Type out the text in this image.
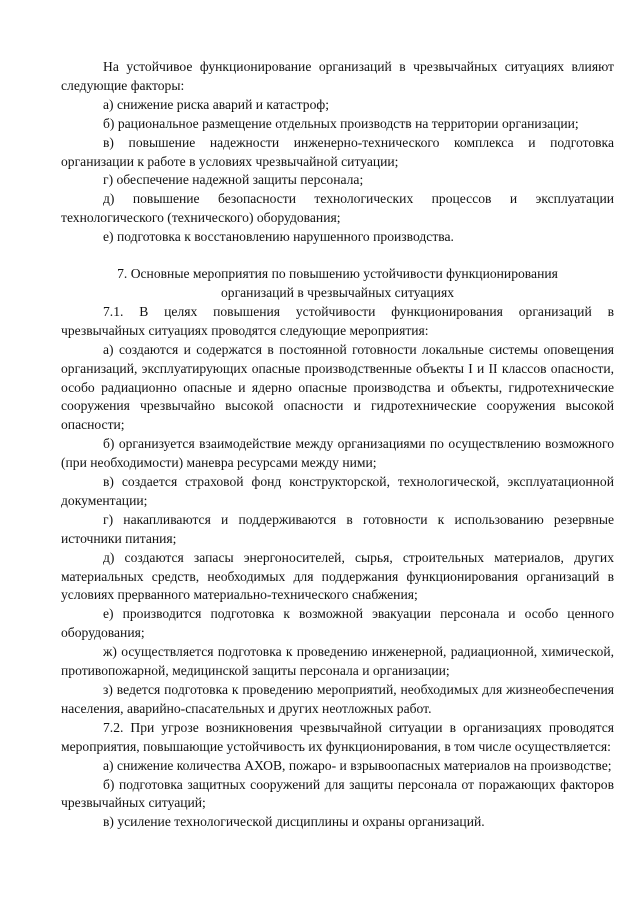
На устойчивое функционирование организаций в чрезвычайных ситуациях влияют следующие факторы:

а) снижение риска аварий и катастроф;

б) рациональное размещение отдельных производств на территории организации;

в) повышение надежности инженерно-технического комплекса и подготовка организации к работе в условиях чрезвычайной ситуации;

г) обеспечение надежной защиты персонала;

д) повышение безопасности технологических процессов и эксплуатации технологического (технического) оборудования;

е) подготовка к восстановлению нарушенного производства.

7. Основные мероприятия по повышению устойчивости функционирования
организаций в чрезвычайных ситуациях

7.1. В целях повышения устойчивости функционирования организаций в чрезвычайных ситуациях проводятся следующие мероприятия:

а) создаются и содержатся в постоянной готовности локальные системы оповещения организаций, эксплуатирующих опасные производственные объекты I и II классов опасности, особо радиационно опасные и ядерно опасные производства и объекты, гидротехнические сооружения чрезвычайно высокой опасности и гидротехнические сооружения высокой опасности;

б) организуется взаимодействие между организациями по осуществлению возможного (при необходимости) маневра ресурсами между ними;

в) создается страховой фонд конструкторской, технологической, эксплуатационной документации;

г) накапливаются и поддерживаются в готовности к использованию резервные источники питания;

д) создаются запасы энергоносителей, сырья, строительных материалов, других материальных средств, необходимых для поддержания функционирования организаций в условиях прерванного материально-технического снабжения;

е) производится подготовка к возможной эвакуации персонала и особо ценного оборудования;

ж) осуществляется подготовка к проведению инженерной, радиационной, химической, противопожарной, медицинской защиты персонала и организации;

з) ведется подготовка к проведению мероприятий, необходимых для жизнеобеспечения населения, аварийно-спасательных и других неотложных работ.

7.2. При угрозе возникновения чрезвычайной ситуации в организациях проводятся мероприятия, повышающие устойчивость их функционирования, в том числе осуществляется:

а) снижение количества АХОВ, пожаро- и взрывоопасных материалов на производстве;

б) подготовка защитных сооружений для защиты персонала от поражающих факторов чрезвычайных ситуаций;

в) усиление технологической дисциплины и охраны организаций.
